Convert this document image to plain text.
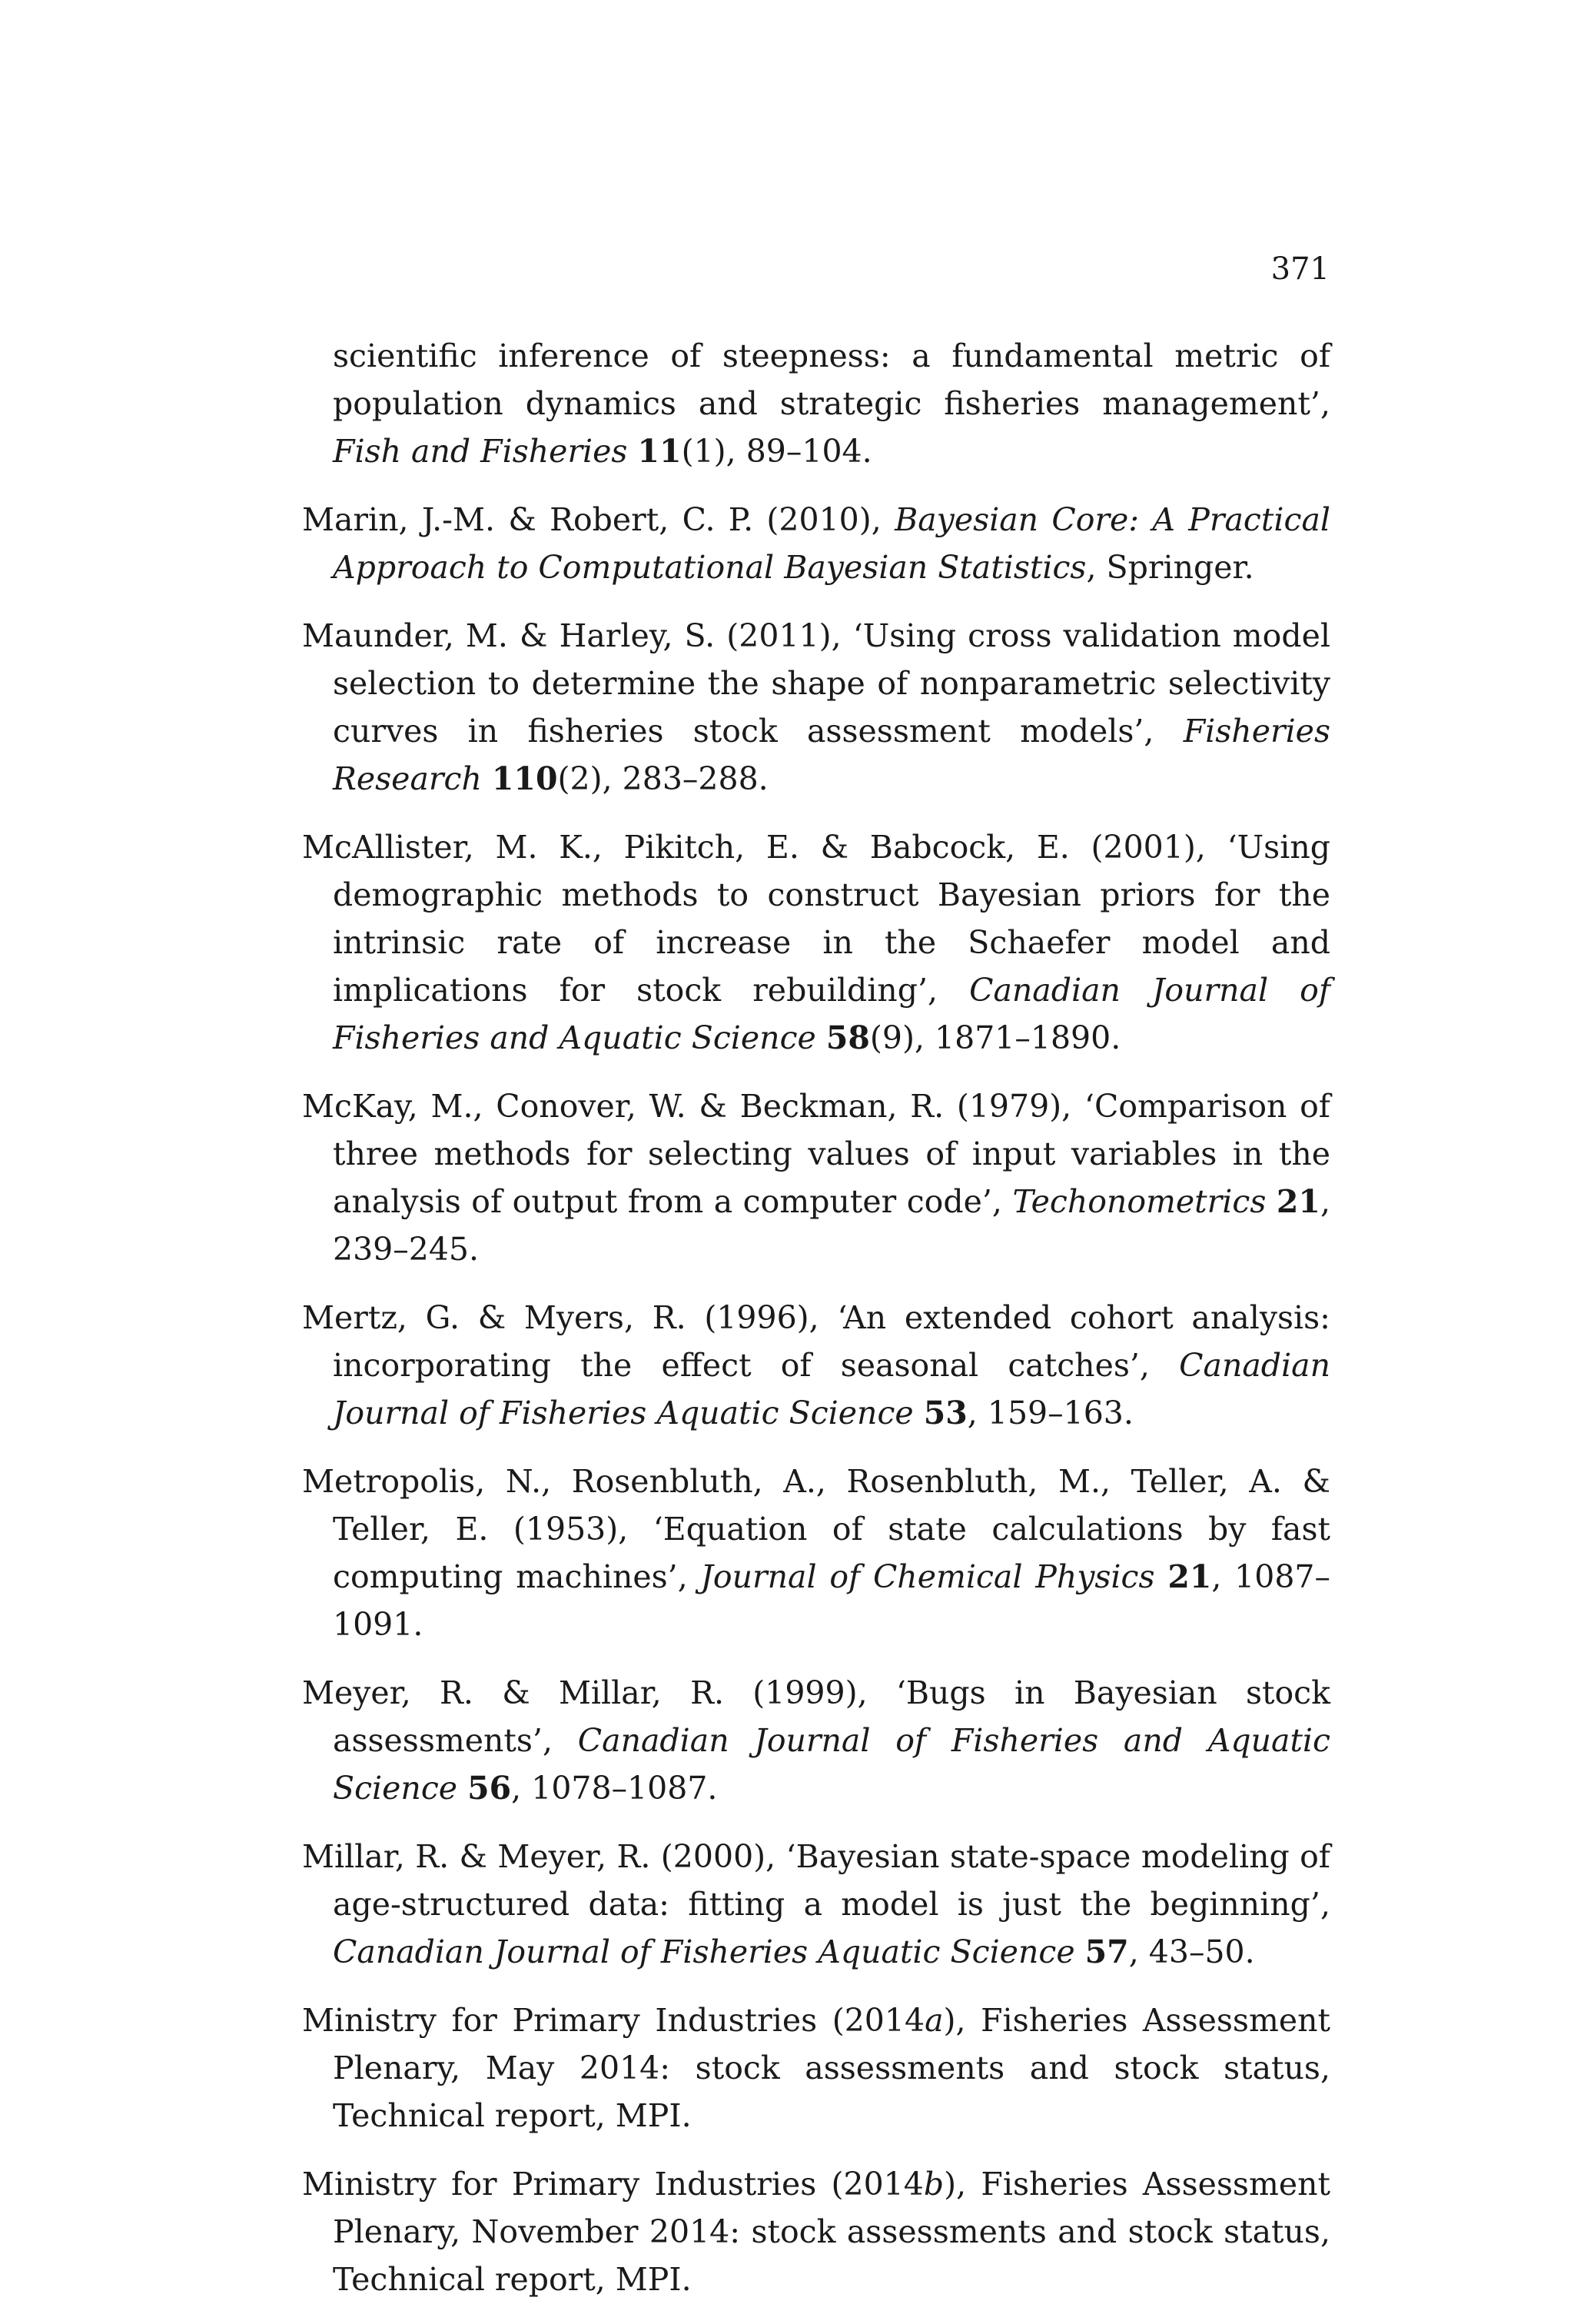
371

scientific inference of steepness: a fundamental metric of population dynamics and strategic fisheries management’, Fish and Fisheries 11(1), 89–104.

Marin, J.-M. & Robert, C. P. (2010), Bayesian Core: A Practical Approach to Computational Bayesian Statistics, Springer.

Maunder, M. & Harley, S. (2011), ‘Using cross validation model selection to determine the shape of nonparametric selectivity curves in fisheries stock assessment models’, Fisheries Research 110(2), 283–288.

McAllister, M. K., Pikitch, E. & Babcock, E. (2001), ‘Using demographic methods to construct Bayesian priors for the intrinsic rate of increase in the Schaefer model and implications for stock rebuilding’, Canadian Journal of Fisheries and Aquatic Science 58(9), 1871–1890.

McKay, M., Conover, W. & Beckman, R. (1979), ‘Comparison of three methods for selecting values of input variables in the analysis of output from a computer code’, Techonometrics 21, 239–245.

Mertz, G. & Myers, R. (1996), ‘An extended cohort analysis: incorporating the effect of seasonal catches’, Canadian Journal of Fisheries Aquatic Science 53, 159–163.

Metropolis, N., Rosenbluth, A., Rosenbluth, M., Teller, A. & Teller, E. (1953), ‘Equation of state calculations by fast computing machines’, Journal of Chemical Physics 21, 1087–1091.

Meyer, R. & Millar, R. (1999), ‘Bugs in Bayesian stock assessments’, Canadian Journal of Fisheries and Aquatic Science 56, 1078–1087.

Millar, R. & Meyer, R. (2000), ‘Bayesian state-space modeling of age-structured data: fitting a model is just the beginning’, Canadian Journal of Fisheries Aquatic Science 57, 43–50.

Ministry for Primary Industries (2014a), Fisheries Assessment Plenary, May 2014: stock assessments and stock status, Technical report, MPI.

Ministry for Primary Industries (2014b), Fisheries Assessment Plenary, November 2014: stock assessments and stock status, Technical report, MPI.
